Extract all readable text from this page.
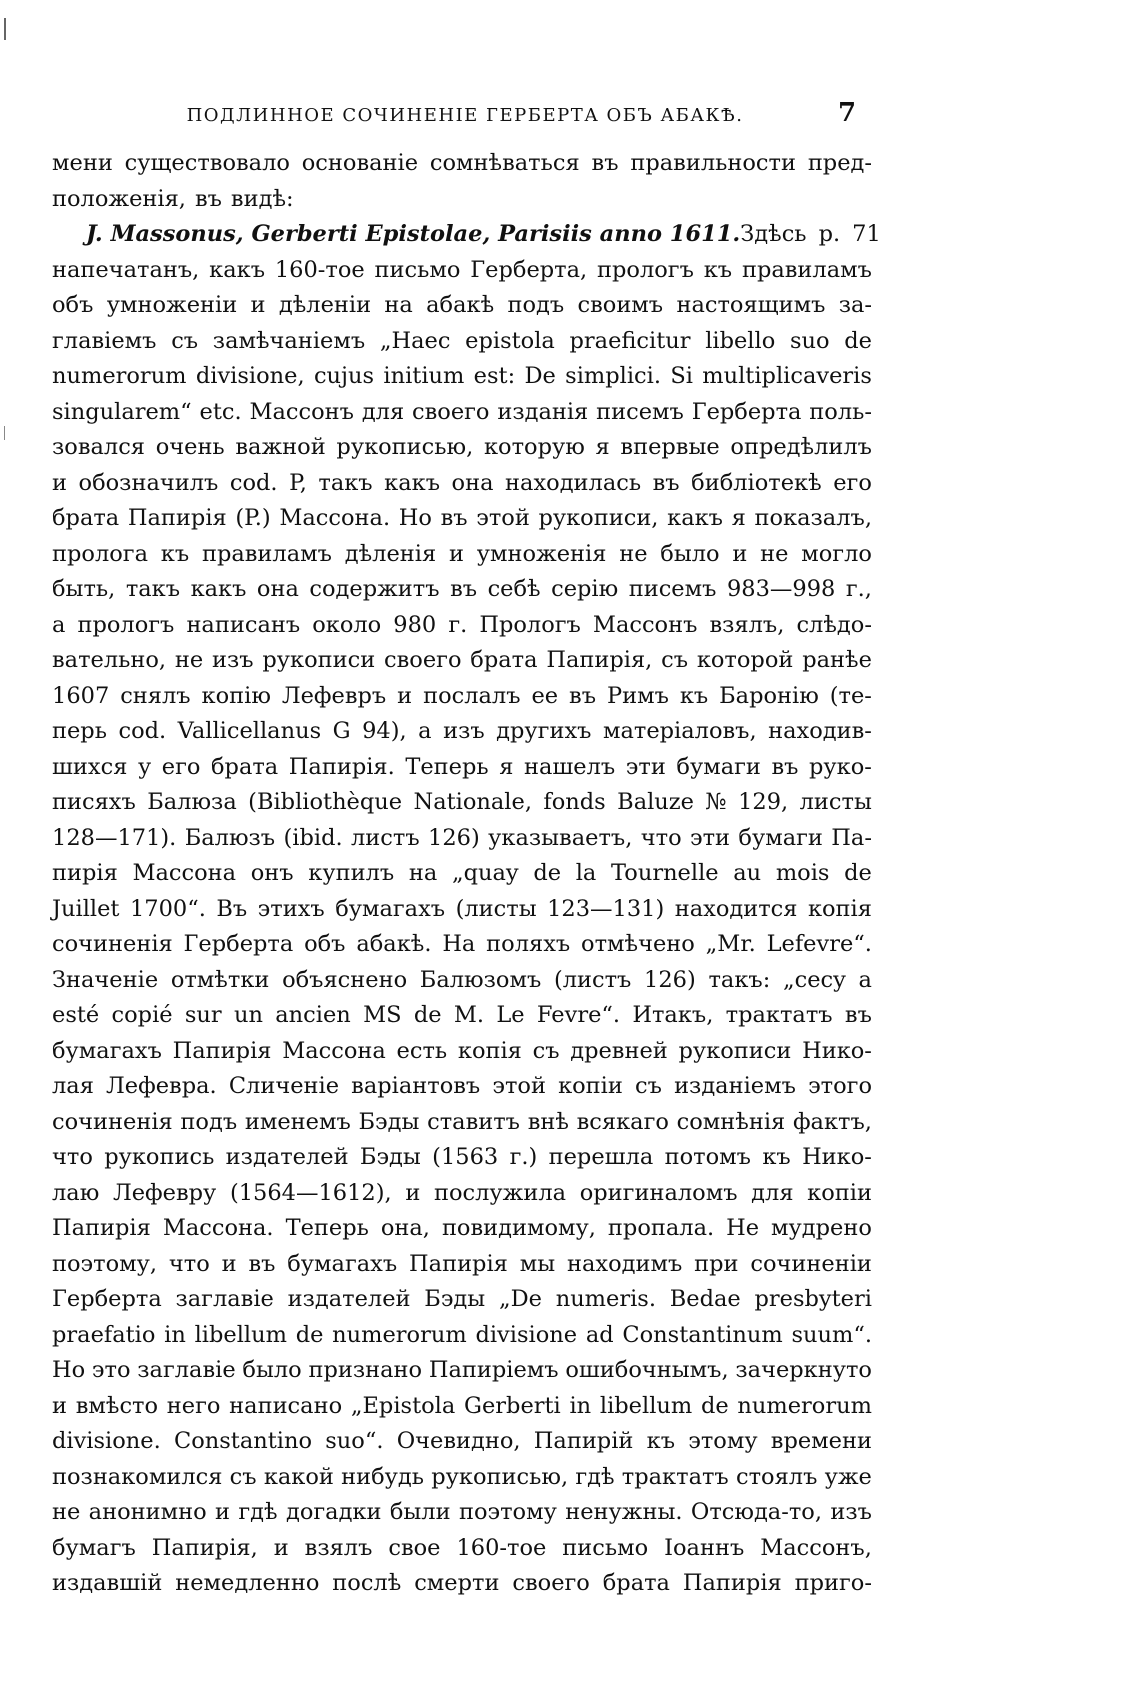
ПОДЛИННОЕ СОЧИНЕНІЕ ГЕРБЕРТА ОБЪ АБАКѢ.	7
мени существовало основаніе сомнѣваться въ правильности пред-
положенія, въ видѣ:
J. Massonus, Gerberti Epistolae, Parisiis anno 1611. Здѣсь р. 71
напечатанъ, какъ 160-тое письмо Герберта, прологъ къ правиламъ
объ умноженіи и дѣленіи на абакѣ подъ своимъ настоящимъ за-
главіемъ съ замѣчаніемъ „Haec epistola praeficitur libello suo de
numerorum divisione, cujus initium est: De simplici. Si multiplicaveris
singularem“ etc. Массонъ для своего изданія писемъ Герберта поль-
зовался очень важной рукописью, которую я впервые опредѣлилъ
и обозначилъ cod. P, такъ какъ она находилась въ библіотекѣ его
брата Папирія (P.) Массона. Но въ этой рукописи, какъ я показалъ,
пролога къ правиламъ дѣленія и умноженія не было и не могло
быть, такъ какъ она содержитъ въ себѣ серію писемъ 983—998 г.,
а прологъ написанъ около 980 г. Прологъ Массонъ взялъ, слѣдо-
вательно, не изъ рукописи своего брата Папирія, съ которой ранѣе
1607 снялъ копію Лефевръ и послалъ ее въ Римъ къ Баронію (те-
перь cod. Vallicellanus G 94), а изъ другихъ матеріаловъ, находив-
шихся у его брата Папирія. Теперь я нашелъ эти бумаги въ руко-
писяхъ Балюза (Bibliothèque Nationale, fonds Baluze № 129, листы
128—171). Балюзъ (ibid. листъ 126) указываетъ, что эти бумаги Па-
пирія Массона онъ купилъ на „quay de la Tournelle au mois de
Juillet 1700“. Въ этихъ бумагахъ (листы 123—131) находится копія
сочиненія Герберта объ абакѣ. На поляхъ отмѣчено „Mr. Lefevre“.
Значеніе отмѣтки объяснено Балюзомъ (листъ 126) такъ: „cecy a
esté copié sur un ancien MS de M. Le Fevre“. Итакъ, трактатъ въ
бумагахъ Папирія Массона есть копія съ древней рукописи Нико-
лая Лефевра. Сличеніе варіантовъ этой копіи съ изданіемъ этого
сочиненія подъ именемъ Бэды ставитъ внѣ всякаго сомнѣнія фактъ,
что рукопись издателей Бэды (1563 г.) перешла потомъ къ Нико-
лаю Лефевру (1564—1612), и послужила оригиналомъ для копіи
Папирія Массона. Теперь она, повидимому, пропала. Не мудрено
поэтому, что и въ бумагахъ Папирія мы находимъ при сочиненіи
Герберта заглавіе издателей Бэды „De numeris. Bedae presbyteri
praefatio in libellum de numerorum divisione ad Constantinum suum“.
Но это заглавіе было признано Папиріемъ ошибочнымъ, зачеркнуто
и вмѣсто него написано „Epistola Gerberti in libellum de numerorum
divisione. Constantino suo“. Очевидно, Папирій къ этому времени
познакомился съ какой нибудь рукописью, гдѣ трактатъ стоялъ уже
не анонимно и гдѣ догадки были поэтому ненужны. Отсюда-то, изъ
бумагъ Папирія, и взялъ свое 160-тое письмо Іоаннъ Массонъ,
издавшій немедленно послѣ смерти своего брата Папирія приго-
